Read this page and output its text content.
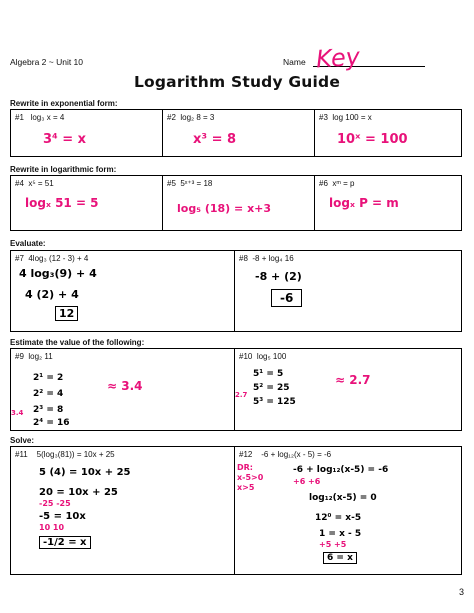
Algebra 2 ~ Unit 10	Name Key
Logarithm Study Guide
Rewrite in exponential form:
#1 log₃ x = 4
3⁴ = x

#2 log₂ 8 = 3
x³ = 8

#3 log 100 = x
10ˣ = 100
Rewrite in logarithmic form:
#4 x⁵ = 51
logₓ 51 = 5

#5 5ˣ⁺³ = 18
log₅ (18) = x+3

#6 xᵐ = p
logₓ P = m
Evaluate:
#7 4log₃ (12 - 3) + 4
4 log₃(9) + 4
4 (2) + 4
12

#8 -8 + log₄ 16
-8 + (2)
-6
Estimate the value of the following:
#9 log₂ 11
2¹ = 2
2² = 4
2³ = 8
2⁴ = 16
3.4
≈ 3.4

#10 log₅ 100
5¹ = 5
5² = 25
5³ = 125
2.7
≈ 2.7
Solve:
#11 5(log₃(81)) = 10x + 25
5 (4) = 10x + 25
20 = 10x + 25
-25 -25
-5 = 10x
10 10
-1/2 = x

#12 -6 + log₁₂(x - 5) = -6
DR:
x-5>0
x>5
-6 + log₁₂(x-5) = -6
+6 +6
log₁₂(x-5) = 0
12⁰ = x-5
1 = x - 5
+5 +5
6 = x
3
